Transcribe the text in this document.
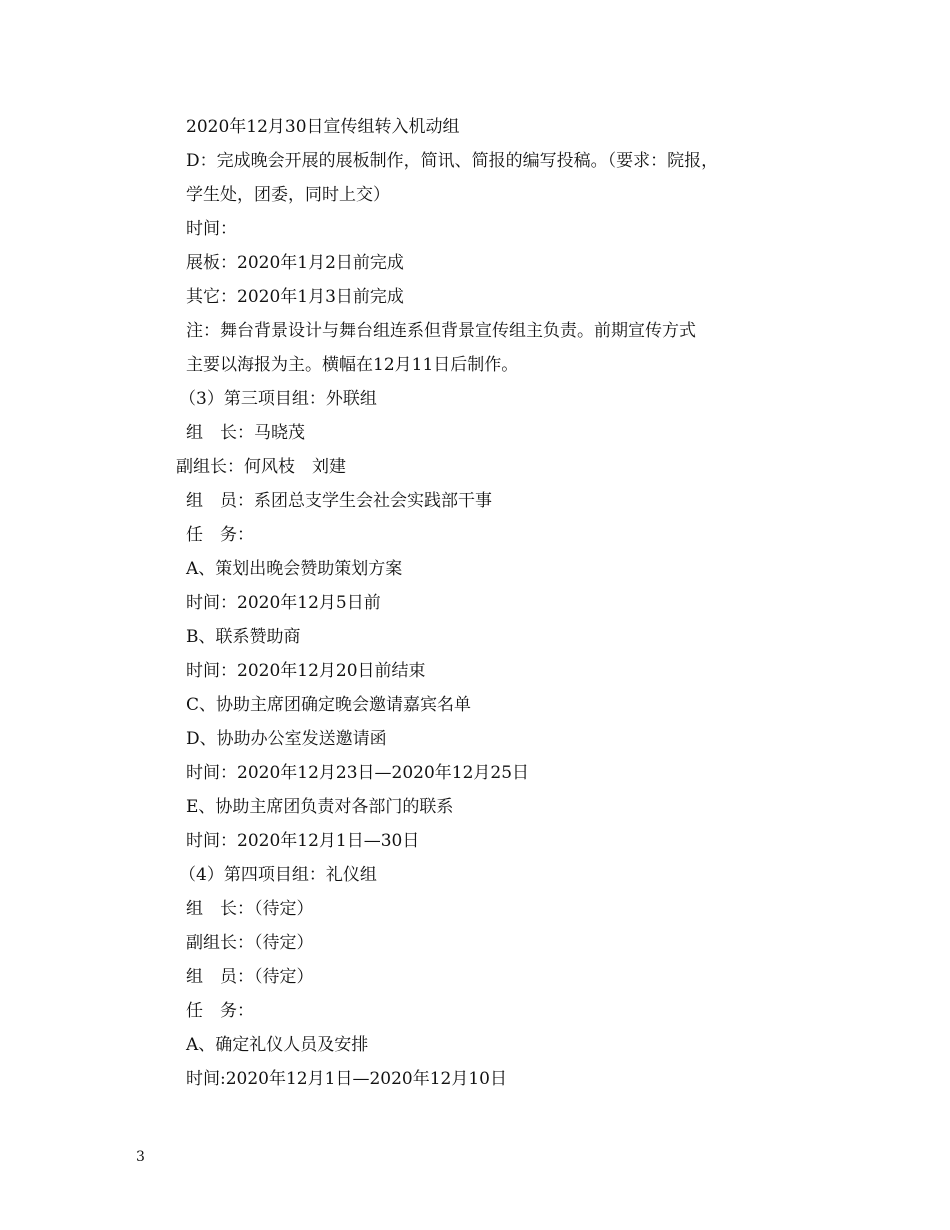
2020年12月30日宣传组转入机动组
D：完成晚会开展的展板制作，简讯、简报的编写投稿。（要求：院报，
学生处，团委，同时上交）
时间：
展板：2020年1月2日前完成
其它：2020年1月3日前完成
注：舞台背景设计与舞台组连系但背景宣传组主负责。前期宣传方式
主要以海报为主。横幅在12月11日后制作。
（3）第三项目组：外联组
组　长：马晓茂
副组长：何风枝　刘建
组　员：系团总支学生会社会实践部干事
任　务：
A、策划出晚会赞助策划方案
时间：2020年12月5日前
B、联系赞助商
时间：2020年12月20日前结束
C、协助主席团确定晚会邀请嘉宾名单
D、协助办公室发送邀请函
时间：2020年12月23日—2020年12月25日
E、协助主席团负责对各部门的联系
时间：2020年12月1日—30日
（4）第四项目组：礼仪组
组　长：（待定）
副组长：（待定）
组　员：（待定）
任　务：
A、确定礼仪人员及安排
时间:2020年12月1日—2020年12月10日
3
